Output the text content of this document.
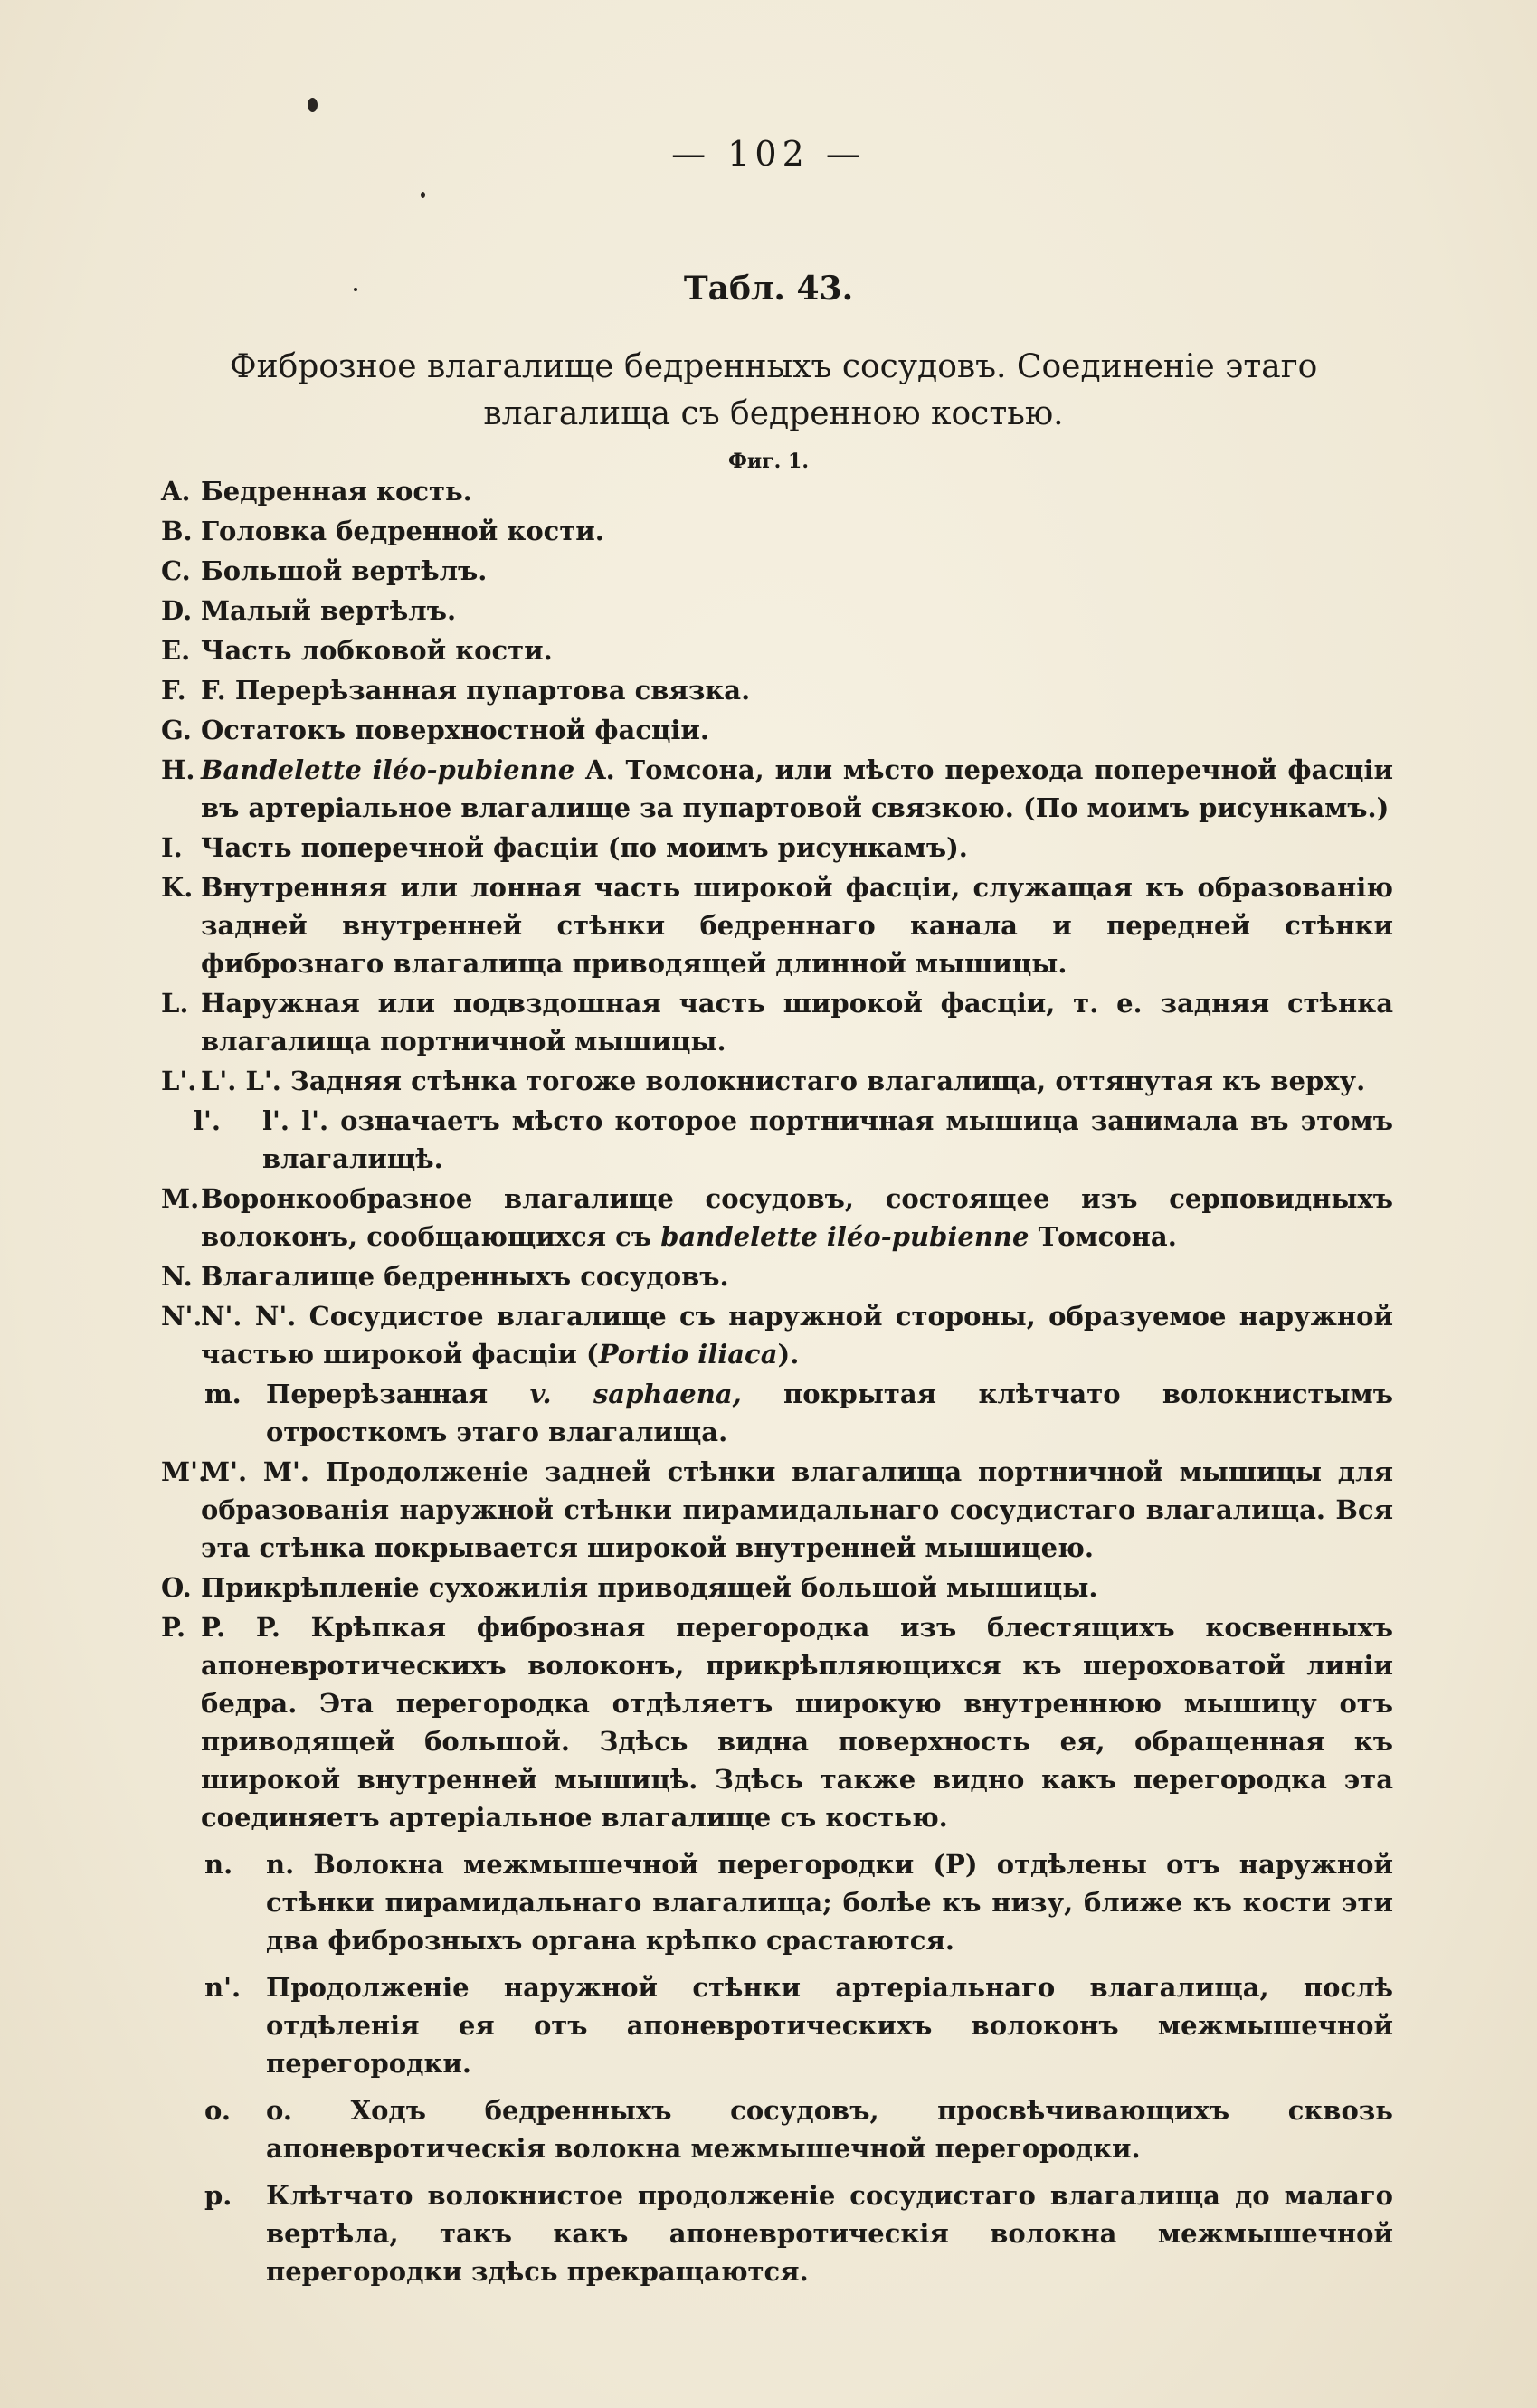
— 102 —
Табл. 43.
Фиброзное влагалище бедренныхъ сосудовъ. Соединеніе этаго влагалища съ бедренною костью.
Фиг. 1.
A. Бедренная кость.
B. Головка бедренной кости.
C. Большой вертѣлъ.
D. Малый вертѣлъ.
E. Часть лобковой кости.
F. F. Перерѣзанная пупартова связка.
G. Остатокъ поверхностной фасціи.
H. Bandelette iléo-pubienne A. Томсона, или мѣсто перехода поперечной фасціи въ артеріальное влагалище за пупартовой связкою. (По моимъ рисункамъ.)
I. Часть поперечной фасціи (по моимъ рисункамъ).
K. Внутренняя или лонная часть широкой фасціи, служащая къ образованію задней внутренней стѣнки бедреннаго канала и передней стѣнки фибрознаго влагалища приводящей длинной мышицы.
L. Наружная или подвздошная часть широкой фасціи, т. е. задняя стѣнка влагалища портничной мышицы.
L'. L'. L'. Задняя стѣнка тогоже волокнистаго влагалища, оттянутая къ верху.
l'. l'. l'. означаетъ мѣсто которое портничная мышица занимала въ этомъ влагалищѣ.
M. Воронкообразное влагалище сосудовъ, состоящее изъ серповидныхъ волоконъ, сообщающихся съ bandelette iléo-pubienne Томсона.
N. Влагалище бедренныхъ сосудовъ.
N'.
N'. N'. Сосудистое влагалище съ наружной стороны, образуемое наружной частью широкой фасціи (Portio iliaca).
m. Перерѣзанная v. saphaena, покрытая клѣтчато волокнистымъ отросткомъ этаго влагалища.
M'.
M'. M'. Продолженіе задней стѣнки влагалища портничной мышицы для образованія наружной стѣнки пирамидальнаго сосудистаго влагалища. Вся эта стѣнка покрывается широкой внутренней мышицею.
O. Прикрѣпленіе сухожилія приводящей большой мышицы.
P. P. P. Крѣпкая фиброзная перегородка изъ блестящихъ косвенныхъ апоневротическихъ волоконъ, прикрѣпляющихся къ шероховатой линіи бедра. Эта перегородка отдѣляетъ широкую внутреннюю мышицу отъ приводящей большой. Здѣсь видна поверхность ея, обращенная къ широкой внутренней мышицѣ. Здѣсь также видно какъ перегородка эта соединяетъ артеріальное влагалище съ костью.
n. n. Волокна межмышечной перегородки (P) отдѣлены отъ наружной стѣнки пирамидальнаго влагалища; болѣе къ низу, ближе къ кости эти два фиброзныхъ органа крѣпко срастаются.
n'. Продолженіе наружной стѣнки артеріальнаго влагалища, послѣ отдѣленія ея отъ апоневротическихъ волоконъ межмышечной перегородки.
o. o. Ходъ бедренныхъ сосудовъ, просвѣчивающихъ сквозь апоневротическія волокна межмышечной перегородки.
p. Клѣтчато волокнистое продолженіе сосудистаго влагалища до малаго вертѣла, такъ какъ апоневротическія волокна межмышечной перегородки здѣсь прекращаются.
